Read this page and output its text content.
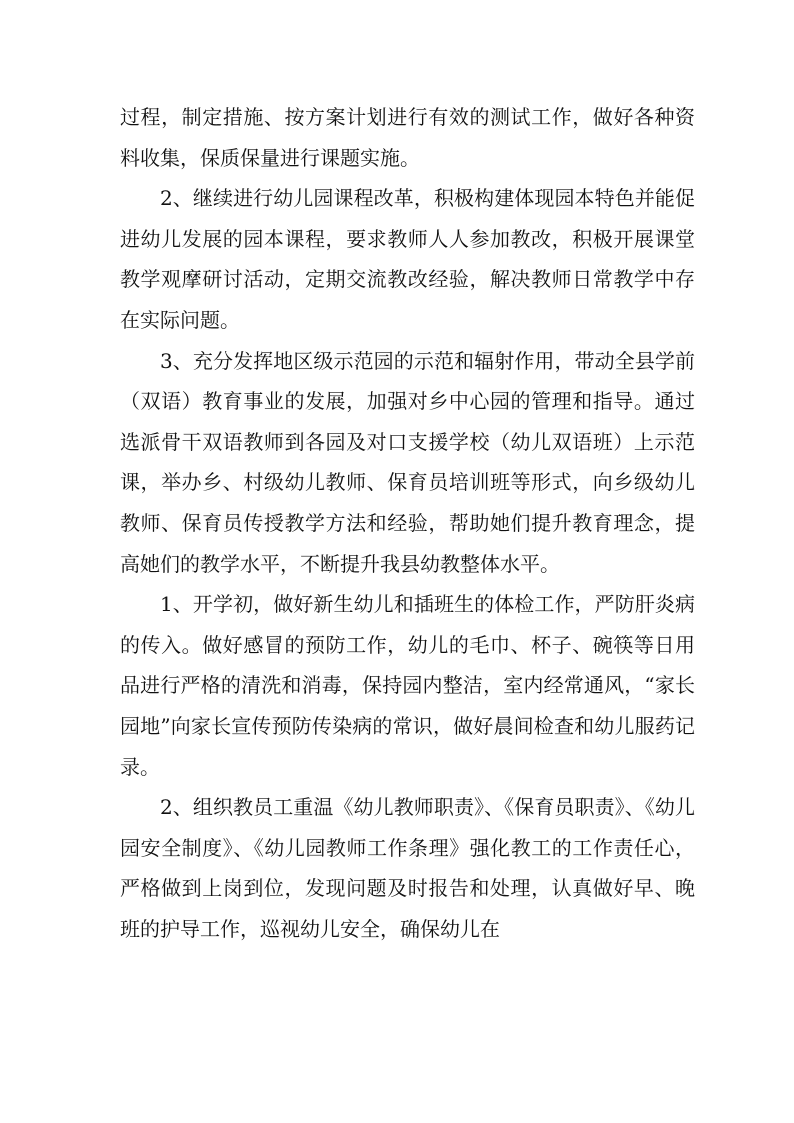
过程，制定措施、按方案计划进行有效的测试工作，做好各种资料收集，保质保量进行课题实施。

2、继续进行幼儿园课程改革，积极构建体现园本特色并能促进幼儿发展的园本课程，要求教师人人参加教改，积极开展课堂教学观摩研讨活动，定期交流教改经验，解决教师日常教学中存在实际问题。

3、充分发挥地区级示范园的示范和辐射作用，带动全县学前（双语）教育事业的发展，加强对乡中心园的管理和指导。通过选派骨干双语教师到各园及对口支援学校（幼儿双语班）上示范课，举办乡、村级幼儿教师、保育员培训班等形式，向乡级幼儿教师、保育员传授教学方法和经验，帮助她们提升教育理念，提高她们的教学水平，不断提升我县幼教整体水平。

1、开学初，做好新生幼儿和插班生的体检工作，严防肝炎病的传入。做好感冒的预防工作，幼儿的毛巾、杯子、碗筷等日用品进行严格的清洗和消毒，保持园内整洁，室内经常通风，“家长园地”向家长宣传预防传染病的常识，做好晨间检查和幼儿服药记录。

2、组织教员工重温《幼儿教师职责》、《保育员职责》、《幼儿园安全制度》、《幼儿园教师工作条理》强化教工的工作责任心，严格做到上岗到位，发现问题及时报告和处理，认真做好早、晚班的护导工作，巡视幼儿安全，确保幼儿在
